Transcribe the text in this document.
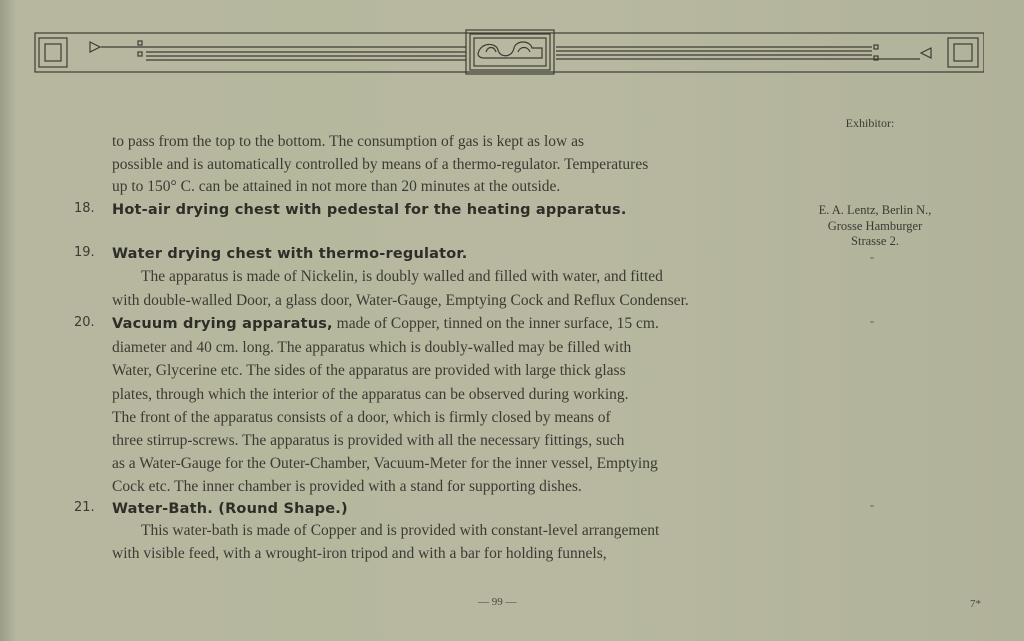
to pass from the top to the bottom. The consumption of gas is kept as low as
possible and is automatically controlled by means of a thermo-regulator. Temperatures
up to 150° C. can be attained in not more than 20 minutes at the outside.
Hot-air drying chest with pedestal for the heating apparatus.
Water drying chest with thermo-regulator.
The apparatus is made of Nickelin, is doubly walled and filled with water, and fitted
with double-walled Door, a glass door, Water-Gauge, Emptying Cock and Reflux Condenser.
Vacuum drying apparatus, made of Copper, tinned on the inner surface, 15 cm.
diameter and 40 cm. long. The apparatus which is doubly-walled may be filled with
Water, Glycerine etc. The sides of the apparatus are provided with large thick glass
plates, through which the interior of the apparatus can be observed during working.
The front of the apparatus consists of a door, which is firmly closed by means of
three stirrup-screws. The apparatus is provided with all the necessary fittings, such
as a Water-Gauge for the Outer-Chamber, Vacuum-Meter for the inner vessel, Emptying
Cock etc. The inner chamber is provided with a stand for supporting dishes.
Water-Bath. (Round Shape.)
This water-bath is made of Copper and is provided with constant-level arrangement
with visible feed, with a wrought-iron tripod and with a bar for holding funnels,
18.
19.
20.
21.
Exhibitor:
E. A. Lentz, Berlin N.,
Grosse Hamburger
Strasse 2.
"
"
"
— 99 —	7*
